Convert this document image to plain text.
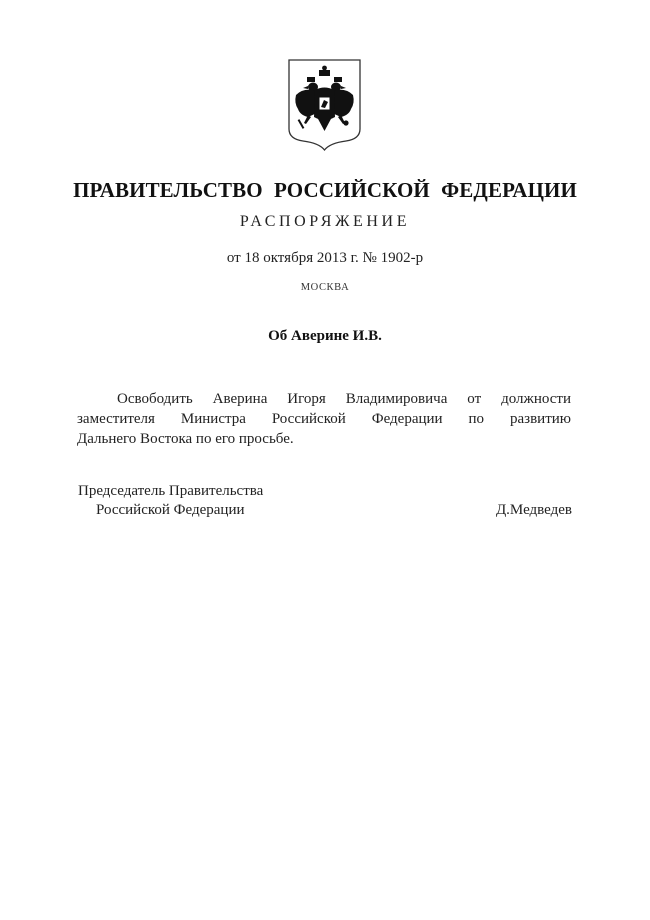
ПРАВИТЕЛЬСТВО РОССИЙСКОЙ ФЕДЕРАЦИИ
РАСПОРЯЖЕНИЕ
от 18 октября 2013 г. № 1902-р
МОСКВА
Об Аверине И.В.
Освободить Аверина Игоря Владимировича от должности
заместителя Министра Российской Федерации по развитию
Дальнего Востока по его просьбе.
Председатель Правительства
Российской Федерации	Д.Медведев
